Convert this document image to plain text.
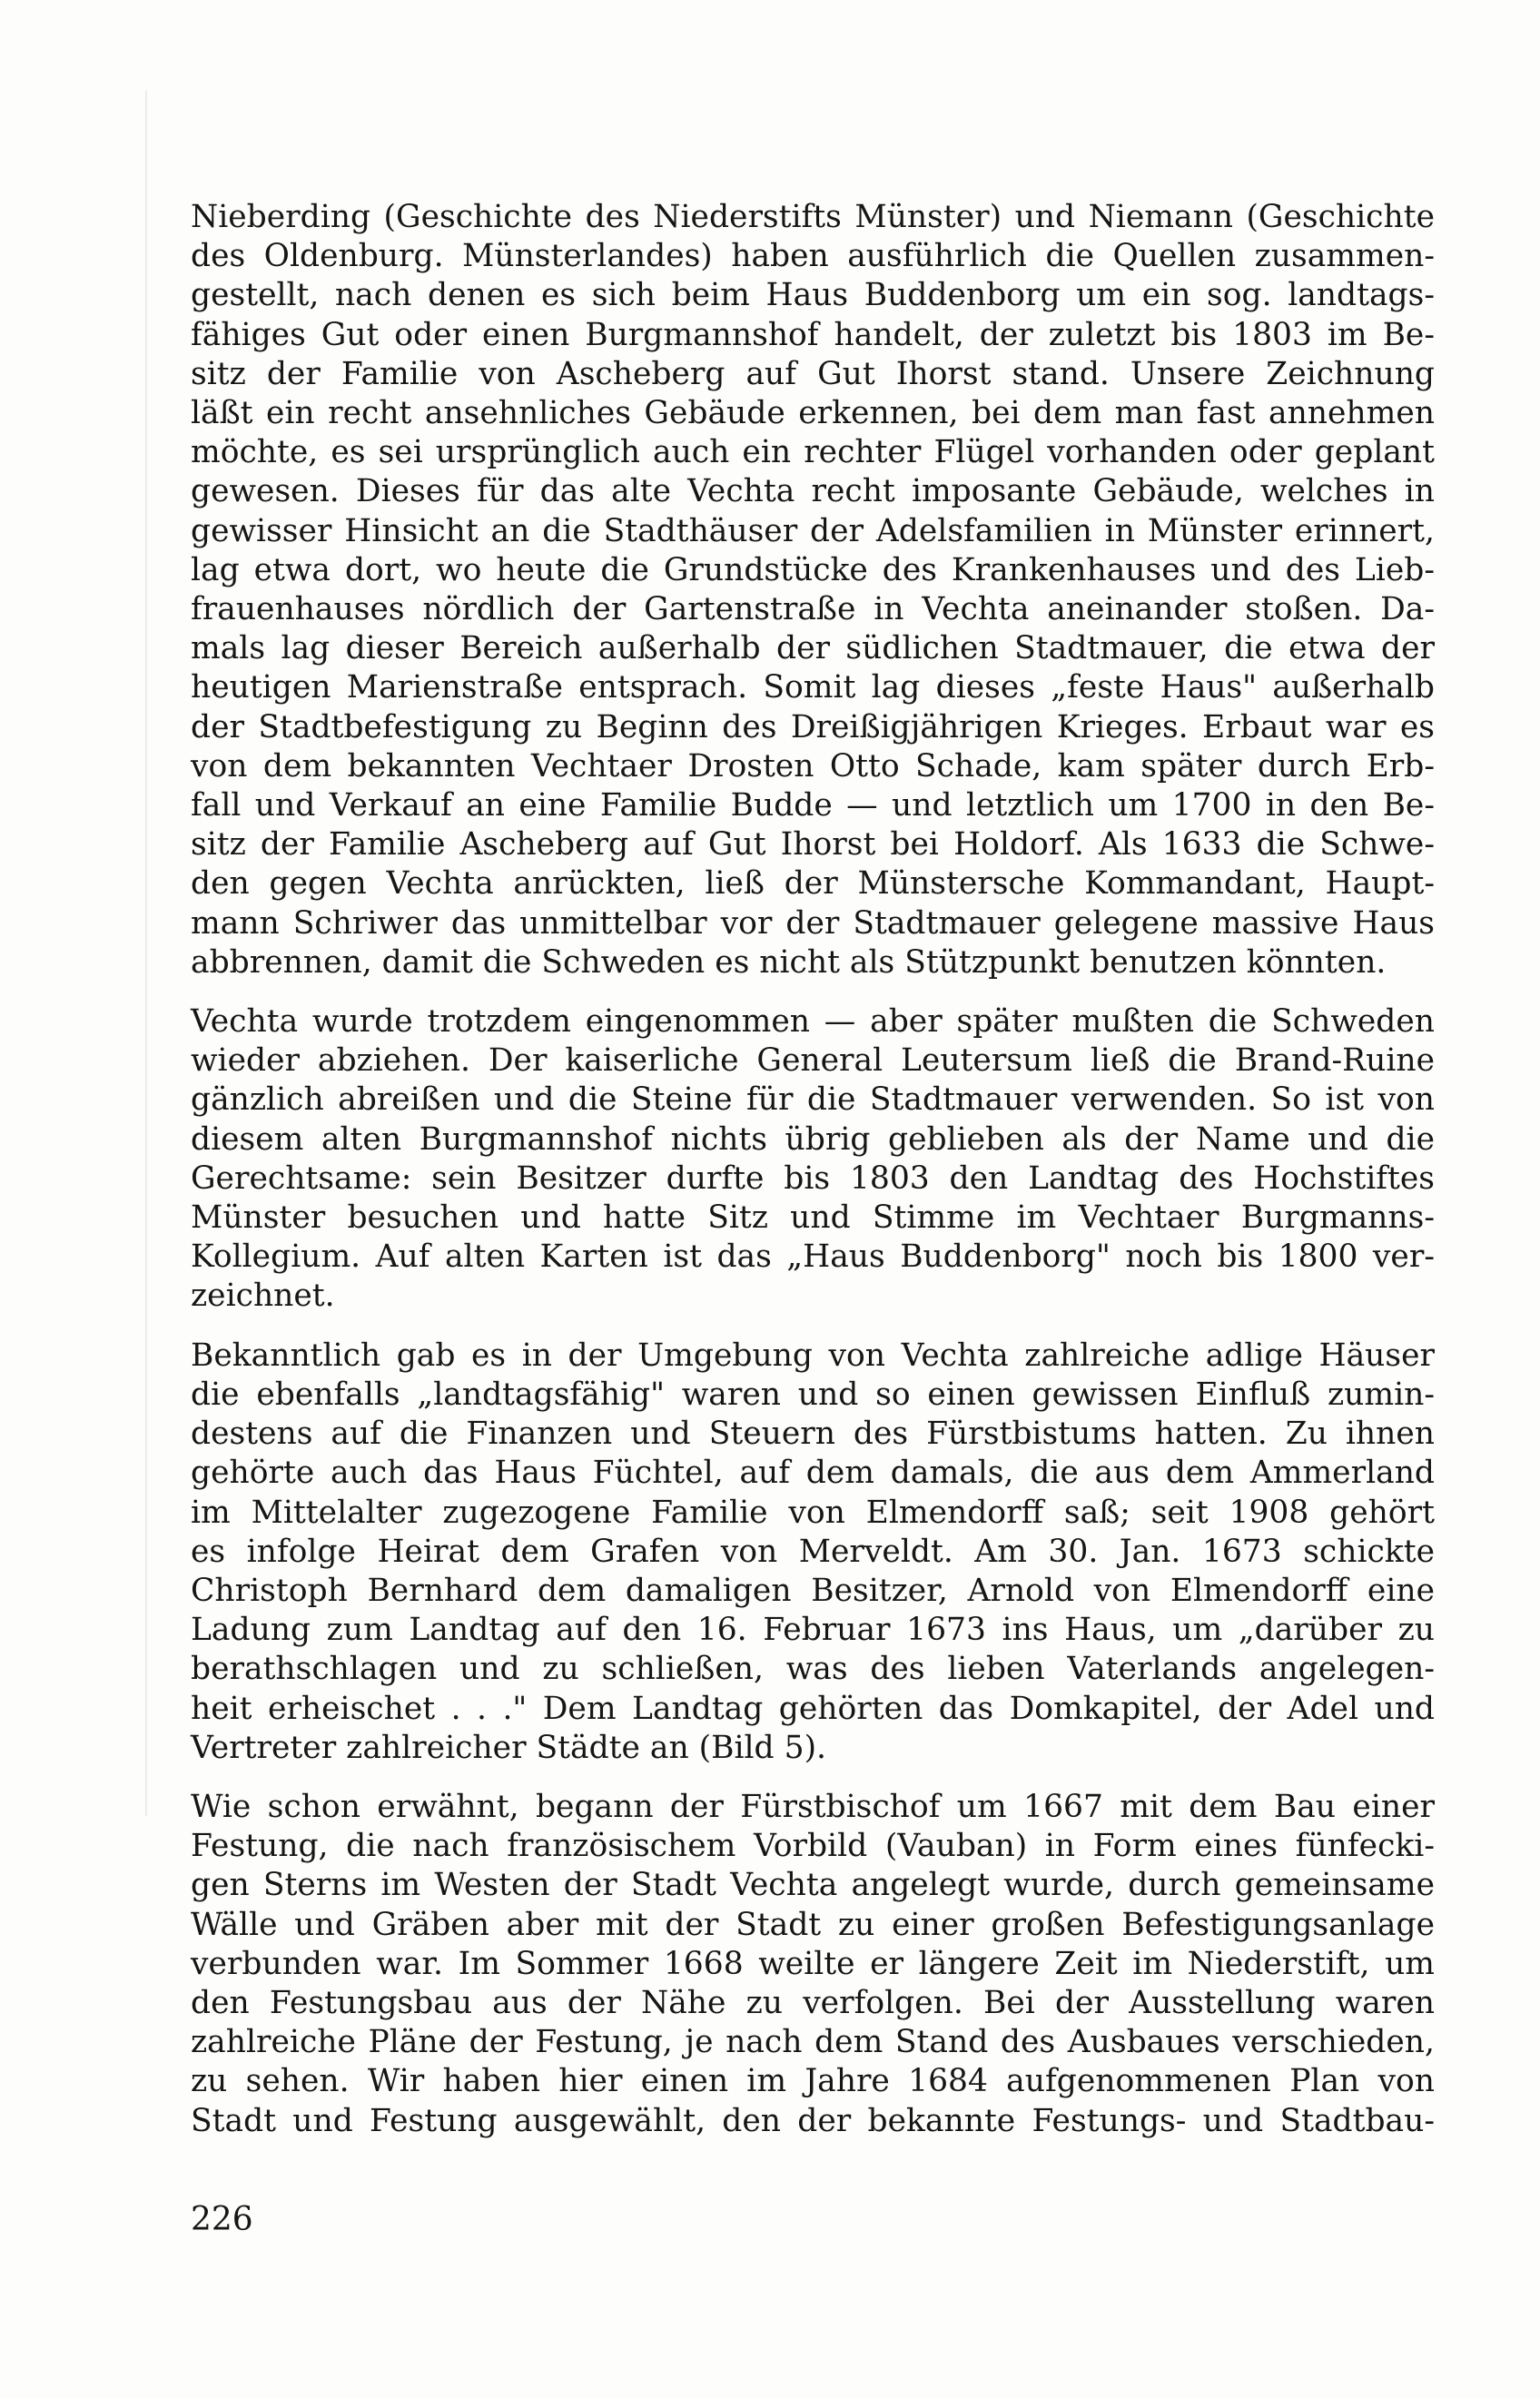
Nieberding (Geschichte des Niederstifts Münster) und Niemann (Geschichte
des Oldenburg. Münsterlandes) haben ausführlich die Quellen zusammen-
gestellt, nach denen es sich beim Haus Buddenborg um ein sog. landtags-
fähiges Gut oder einen Burgmannshof handelt, der zuletzt bis 1803 im Be-
sitz der Familie von Ascheberg auf Gut Ihorst stand. Unsere Zeichnung
läßt ein recht ansehnliches Gebäude erkennen, bei dem man fast annehmen
möchte, es sei ursprünglich auch ein rechter Flügel vorhanden oder geplant
gewesen. Dieses für das alte Vechta recht imposante Gebäude, welches in
gewisser Hinsicht an die Stadthäuser der Adelsfamilien in Münster erinnert,
lag etwa dort, wo heute die Grundstücke des Krankenhauses und des Lieb-
frauenhauses nördlich der Gartenstraße in Vechta aneinander stoßen. Da-
mals lag dieser Bereich außerhalb der südlichen Stadtmauer, die etwa der
heutigen Marienstraße entsprach. Somit lag dieses „feste Haus" außerhalb
der Stadtbefestigung zu Beginn des Dreißigjährigen Krieges. Erbaut war es
von dem bekannten Vechtaer Drosten Otto Schade, kam später durch Erb-
fall und Verkauf an eine Familie Budde — und letztlich um 1700 in den Be-
sitz der Familie Ascheberg auf Gut Ihorst bei Holdorf. Als 1633 die Schwe-
den gegen Vechta anrückten, ließ der Münstersche Kommandant, Haupt-
mann Schriwer das unmittelbar vor der Stadtmauer gelegene massive Haus
abbrennen, damit die Schweden es nicht als Stützpunkt benutzen könnten.

Vechta wurde trotzdem eingenommen — aber später mußten die Schweden
wieder abziehen. Der kaiserliche General Leutersum ließ die Brand-Ruine
gänzlich abreißen und die Steine für die Stadtmauer verwenden. So ist von
diesem alten Burgmannshof nichts übrig geblieben als der Name und die
Gerechtsame: sein Besitzer durfte bis 1803 den Landtag des Hochstiftes
Münster besuchen und hatte Sitz und Stimme im Vechtaer Burgmanns-
Kollegium. Auf alten Karten ist das „Haus Buddenborg" noch bis 1800 ver-
zeichnet.

Bekanntlich gab es in der Umgebung von Vechta zahlreiche adlige Häuser
die ebenfalls „landtagsfähig" waren und so einen gewissen Einfluß zumin-
destens auf die Finanzen und Steuern des Fürstbistums hatten. Zu ihnen
gehörte auch das Haus Füchtel, auf dem damals, die aus dem Ammerland
im Mittelalter zugezogene Familie von Elmendorff saß; seit 1908 gehört
es infolge Heirat dem Grafen von Merveldt. Am 30. Jan. 1673 schickte
Christoph Bernhard dem damaligen Besitzer, Arnold von Elmendorff eine
Ladung zum Landtag auf den 16. Februar 1673 ins Haus, um „darüber zu
berathschlagen und zu schließen, was des lieben Vaterlands angelegen-
heit erheischet . . ." Dem Landtag gehörten das Domkapitel, der Adel und
Vertreter zahlreicher Städte an (Bild 5).

Wie schon erwähnt, begann der Fürstbischof um 1667 mit dem Bau einer
Festung, die nach französischem Vorbild (Vauban) in Form eines fünfecki-
gen Sterns im Westen der Stadt Vechta angelegt wurde, durch gemeinsame
Wälle und Gräben aber mit der Stadt zu einer großen Befestigungsanlage
verbunden war. Im Sommer 1668 weilte er längere Zeit im Niederstift, um
den Festungsbau aus der Nähe zu verfolgen. Bei der Ausstellung waren
zahlreiche Pläne der Festung, je nach dem Stand des Ausbaues verschieden,
zu sehen. Wir haben hier einen im Jahre 1684 aufgenommenen Plan von
Stadt und Festung ausgewählt, den der bekannte Festungs- und Stadtbau-

226
